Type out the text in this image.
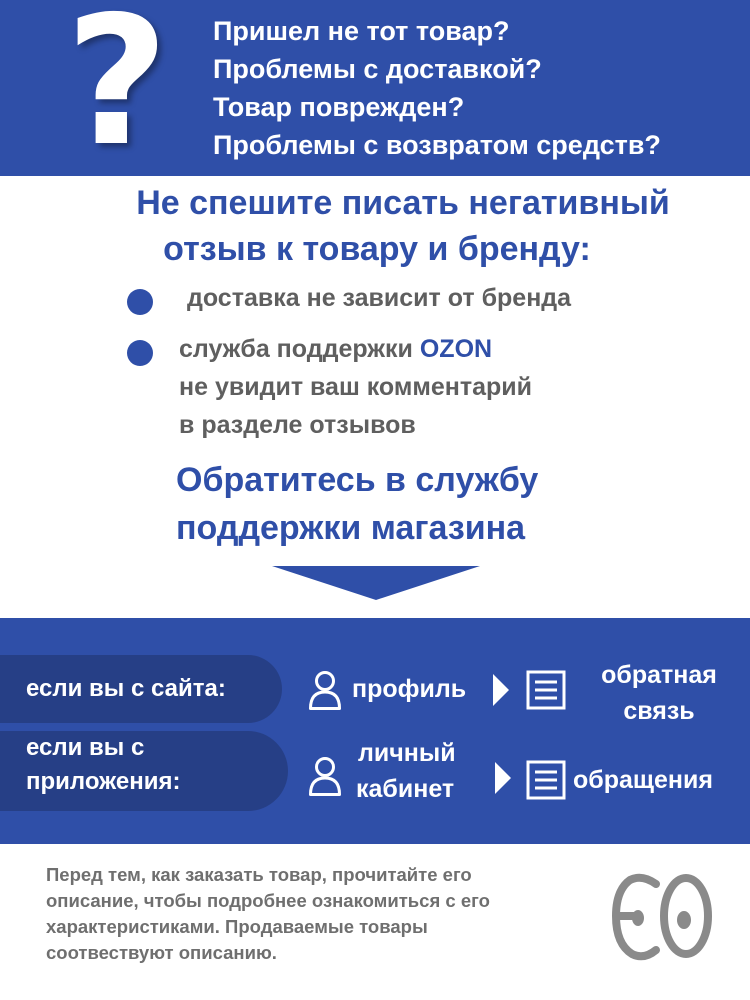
? Пришел не тот товар?
Проблемы с доставкой?
Товар поврежден?
Проблемы с возвратом средств?
Не спешите писать негативный
отзыв к товару и бренду:
доставка не зависит от бренда
служба поддержки OZON
не увидит ваш комментарий
в разделе отзывов
Обратитесь в службу
поддержки магазина
если вы с сайта:
если вы с
приложения:
профиль	обратная
связь
личный
кабинет	обращения
Перед тем, как заказать товар, прочитайте его
описание, чтобы подробнее ознакомиться с его
характеристиками. Продаваемые товары
соотвествуют описанию.
